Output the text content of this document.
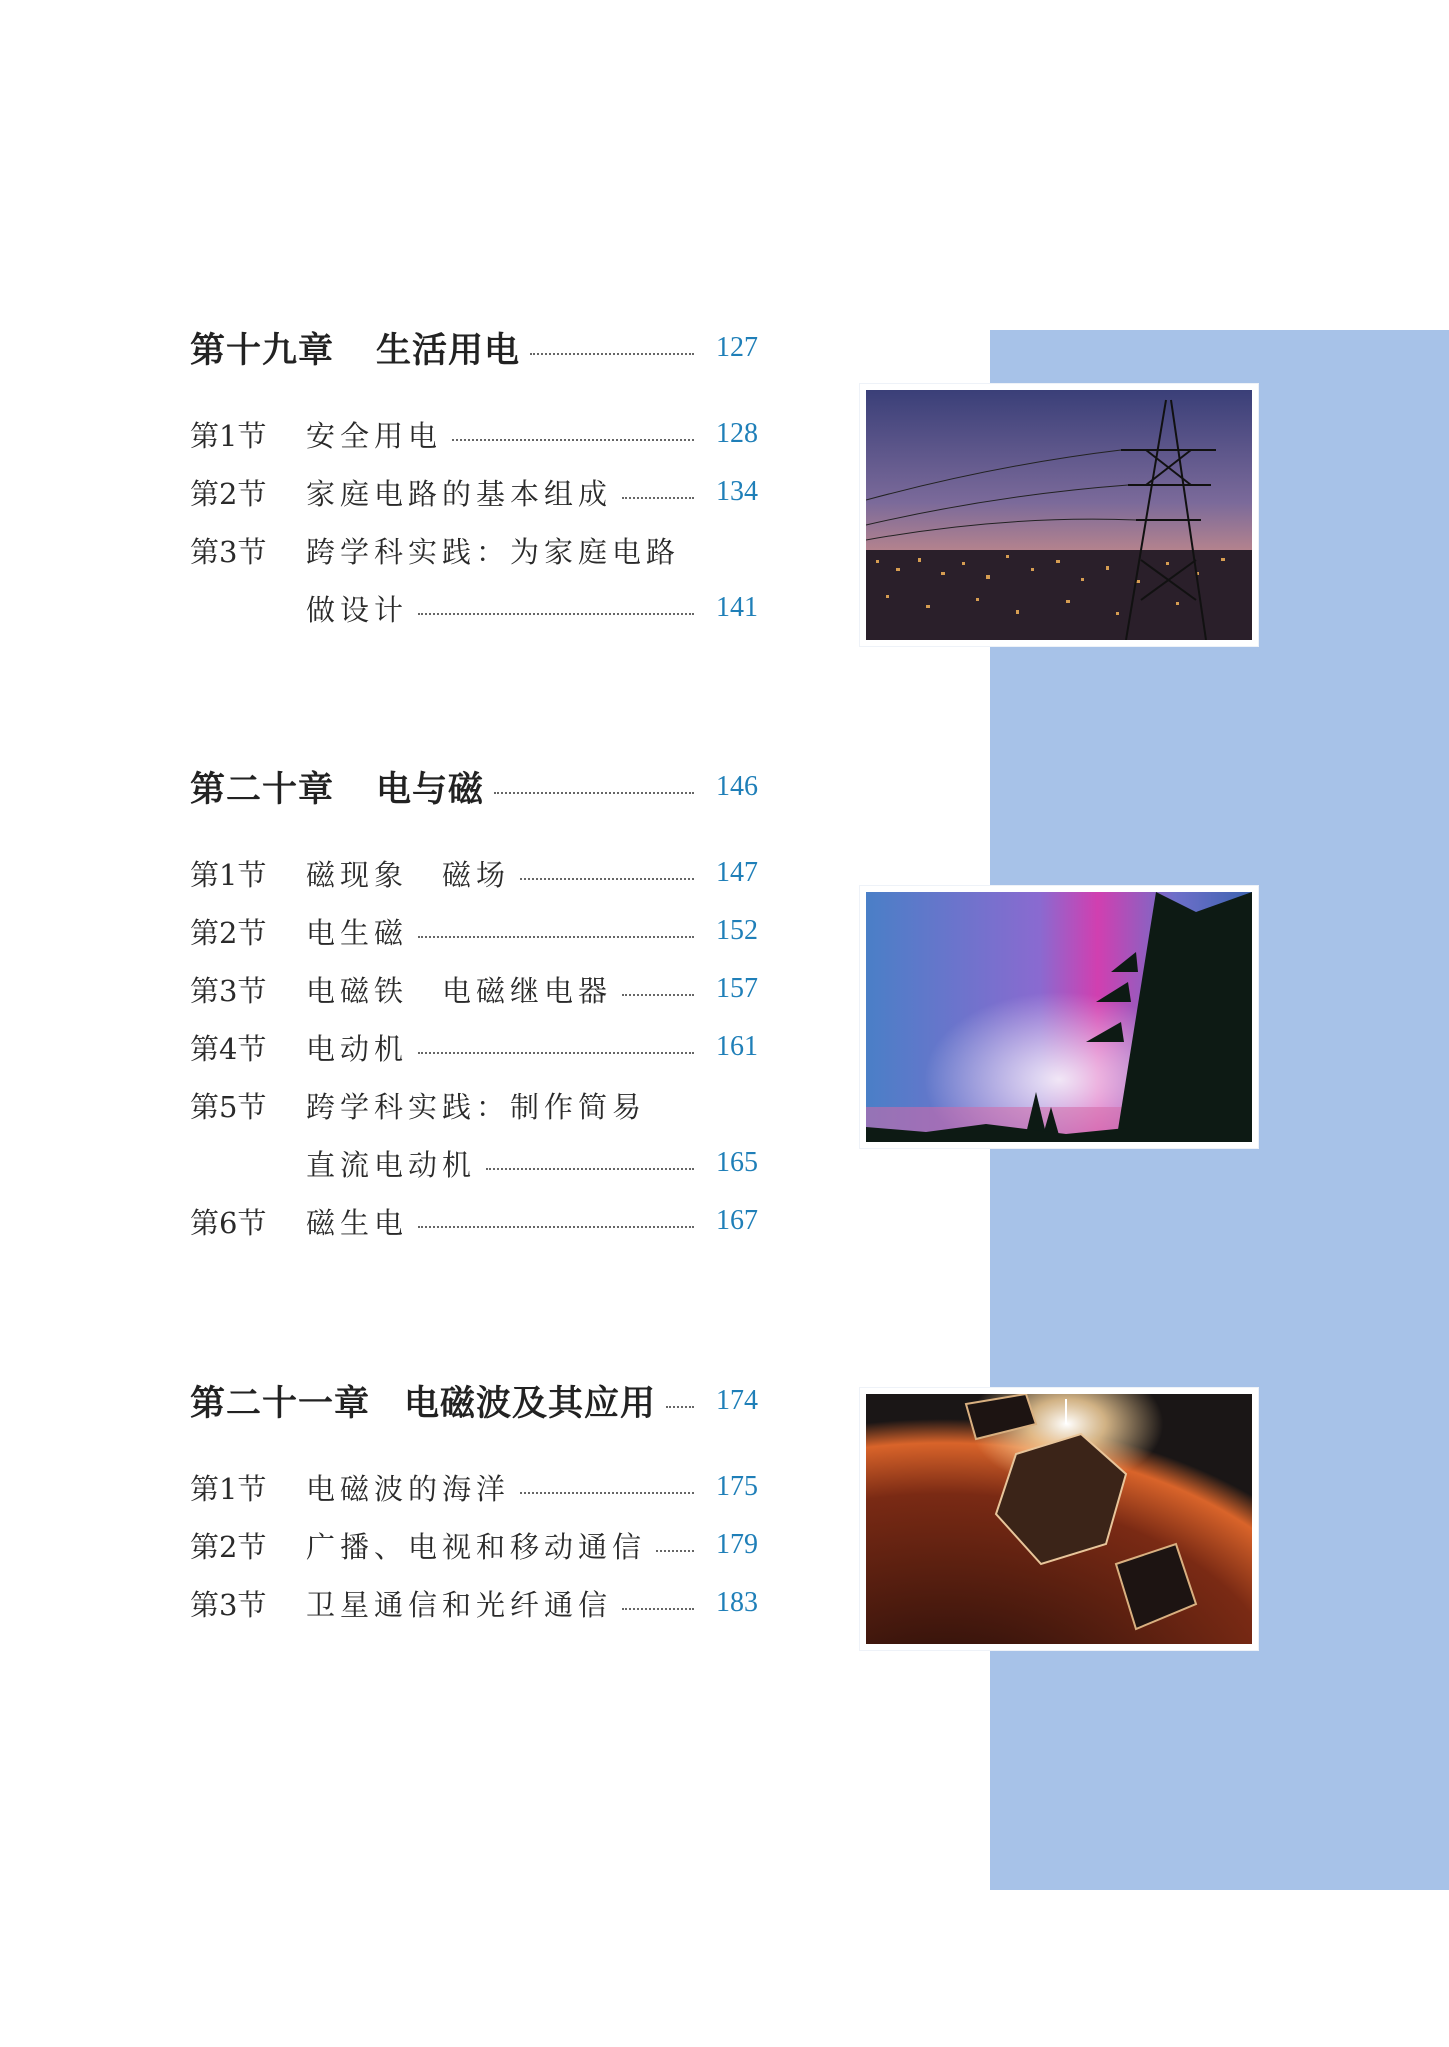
第十九章 生活用电	127
第1节	安全用电	128
第2节	家庭电路的基本组成	134
第3节	跨学科实践：为家庭电路
做设计	141
第二十章 电与磁	146
第1节	磁现象　磁场	147
第2节	电生磁	152
第3节	电磁铁　电磁继电器	157
第4节	电动机	161
第5节	跨学科实践：制作简易
直流电动机	165
第6节	磁生电	167
第二十一章 电磁波及其应用	174
第1节	电磁波的海洋	175
第2节	广播、电视和移动通信	179
第3节	卫星通信和光纤通信	183
